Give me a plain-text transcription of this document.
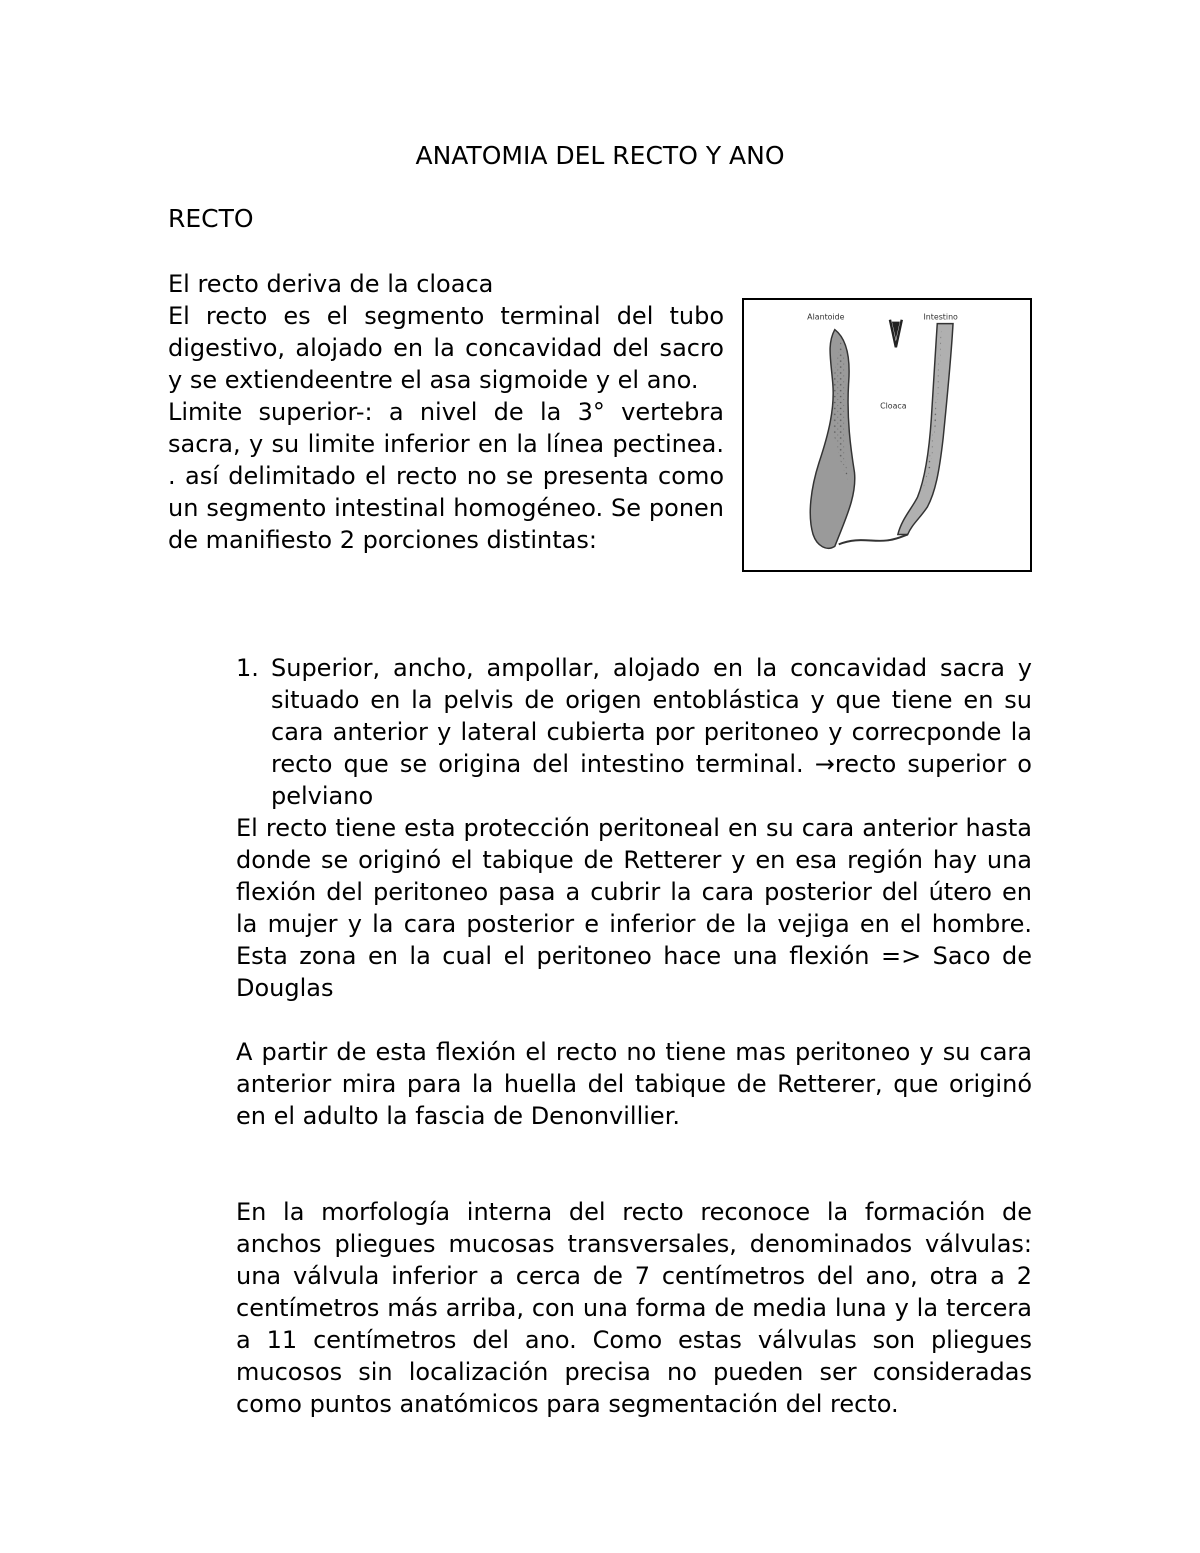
ANATOMIA DEL RECTO Y ANO
RECTO
Alantoide	Intestino
Cloaca

El recto deriva de la cloaca

El recto es el segmento terminal del tubo digestivo, alojado en la concavidad del sacro y se extiendeentre el asa sigmoide y el ano.

Limite superior-: a nivel de la 3° vertebra sacra, y su limite inferior en la línea pectinea. . así delimitado el recto no se presenta como un segmento intestinal homogéneo. Se ponen de manifiesto 2 porciones distintas:

1. Superior, ancho, ampollar, alojado en la concavidad sacra y situado en la pelvis de origen entoblástica y que tiene en su cara anterior y lateral cubierta por peritoneo y correcponde la recto que se origina del intestino terminal. →recto superior o pelviano

El recto tiene esta protección peritoneal en su cara anterior hasta donde se originó el tabique de Retterer y en esa región hay una flexión del peritoneo pasa a cubrir la cara posterior del útero en la mujer y la cara posterior e inferior de la vejiga en el hombre. Esta zona en la cual el peritoneo hace una flexión => Saco de Douglas

A partir de esta flexión el recto no tiene mas peritoneo y su cara anterior mira para la huella del tabique de Retterer, que originó en el adulto la fascia de Denonvillier.

En la morfología interna del recto reconoce la formación de anchos pliegues mucosas transversales, denominados válvulas: una válvula inferior a cerca de 7 centímetros del ano, otra a 2 centímetros más arriba, con una forma de media luna y la tercera a 11 centímetros del ano. Como estas válvulas son pliegues mucosos sin localización precisa no pueden ser consideradas como puntos anatómicos para segmentación del recto.
